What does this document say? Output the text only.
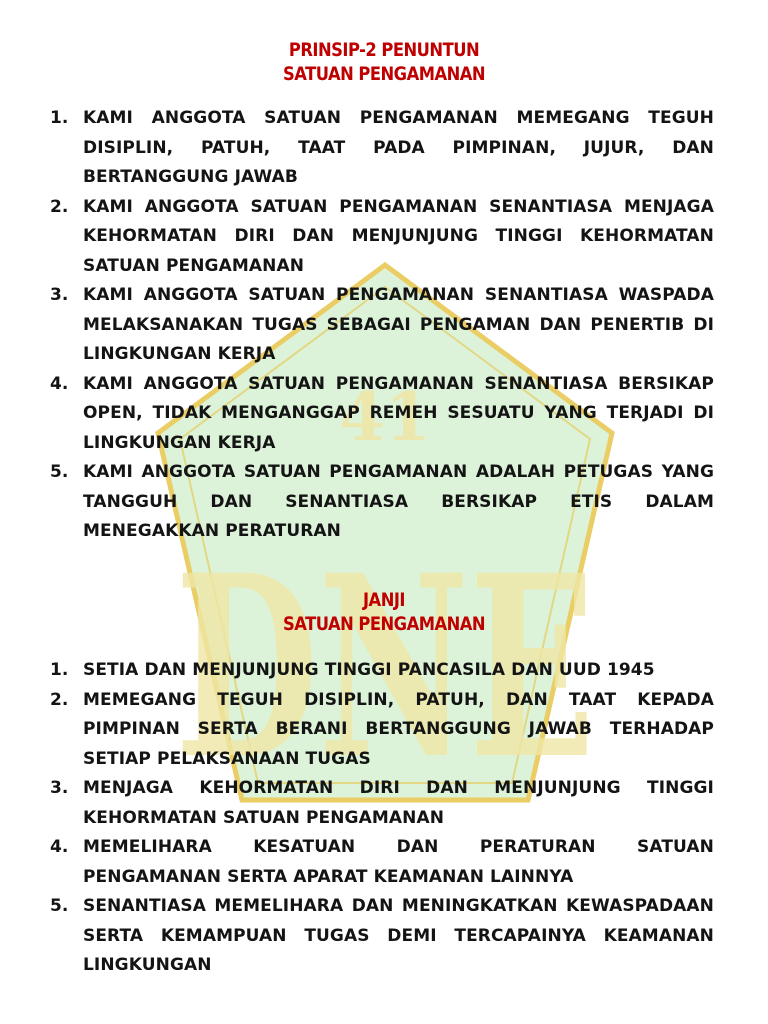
41
DNE
PRINSIP-2 PENUNTUN
SATUAN PENGAMANAN
1. KAMI ANGGOTA SATUAN PENGAMANAN MEMEGANG TEGUH DISIPLIN, PATUH, TAAT PADA PIMPINAN, JUJUR, DAN BERTANGGUNG JAWAB
2. KAMI ANGGOTA SATUAN PENGAMANAN SENANTIASA MENJAGA KEHORMATAN DIRI DAN MENJUNJUNG TINGGI KEHORMATAN SATUAN PENGAMANAN
3. KAMI ANGGOTA SATUAN PENGAMANAN SENANTIASA WASPADA MELAKSANAKAN TUGAS SEBAGAI PENGAMAN DAN PENERTIB DI LINGKUNGAN KERJA
4. KAMI ANGGOTA SATUAN PENGAMANAN SENANTIASA BERSIKAP OPEN, TIDAK MENGANGGAP REMEH SESUATU YANG TERJADI DI LINGKUNGAN KERJA
5. KAMI ANGGOTA SATUAN PENGAMANAN ADALAH PETUGAS YANG TANGGUH DAN SENANTIASA BERSIKAP ETIS DALAM MENEGAKKAN PERATURAN
JANJI
SATUAN PENGAMANAN
1. SETIA DAN MENJUNJUNG TINGGI PANCASILA DAN UUD 1945
2. MEMEGANG TEGUH DISIPLIN, PATUH, DAN TAAT KEPADA PIMPINAN SERTA BERANI BERTANGGUNG JAWAB TERHADAP SETIAP PELAKSANAAN TUGAS
3. MENJAGA KEHORMATAN DIRI DAN MENJUNJUNG TINGGI KEHORMATAN SATUAN PENGAMANAN
4. MEMELIHARA KESATUAN DAN PERATURAN SATUAN PENGAMANAN SERTA APARAT KEAMANAN LAINNYA
5. SENANTIASA MEMELIHARA DAN MENINGKATKAN KEWASPADAAN SERTA KEMAMPUAN TUGAS DEMI TERCAPAINYA KEAMANAN LINGKUNGAN
